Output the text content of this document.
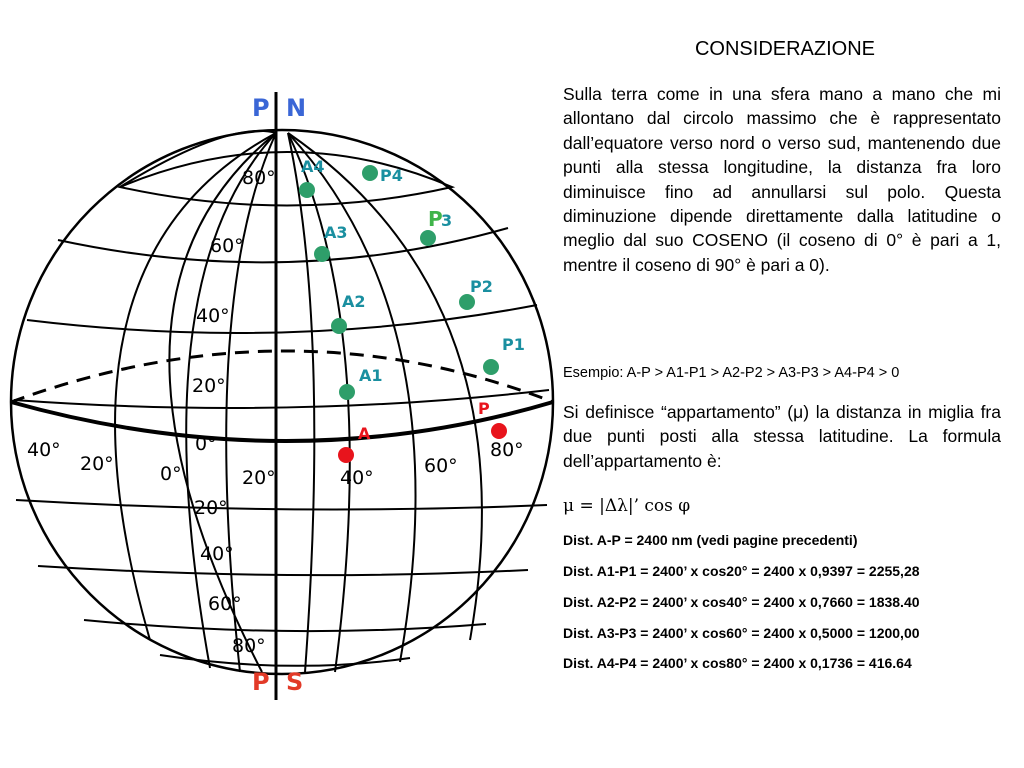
P N
P S
80°
60°
40°
20°
0°
20°
40°
60°
80°
40°
20° 0°	20°	40°
60°
80°
A4	P4
A3
P
3
A2
P2
A1
P1
A
P
CONSIDERAZIONE
Sulla terra come in una sfera mano a mano che mi allontano dal circolo massimo che è rappresentato dall’equatore verso nord o verso sud, mantenendo due punti alla stessa longitudine, la distanza fra loro diminuisce fino ad annullarsi sul polo. Questa diminuzione dipende direttamente dalla latitudine o meglio dal suo COSENO (il coseno di 0° è pari a 1, mentre il coseno di 90° è pari a 0).
Esempio: A-P > A1-P1 > A2-P2 > A3-P3 > A4-P4 > 0
Si definisce “appartamento” (μ) la distanza in miglia fra due punti posti alla stessa latitudine. La formula dell’appartamento è:
μ = |Δλ|’ cos φ
Dist. A-P = 2400 nm (vedi pagine precedenti)
Dist. A1-P1 = 2400’ x cos20° = 2400 x 0,9397 = 2255,28
Dist. A2-P2 = 2400’ x cos40° = 2400 x 0,7660 = 1838.40
Dist. A3-P3 = 2400’ x cos60° = 2400 x 0,5000 = 1200,00
Dist. A4-P4 = 2400’ x cos80° = 2400 x 0,1736 = 416.64
